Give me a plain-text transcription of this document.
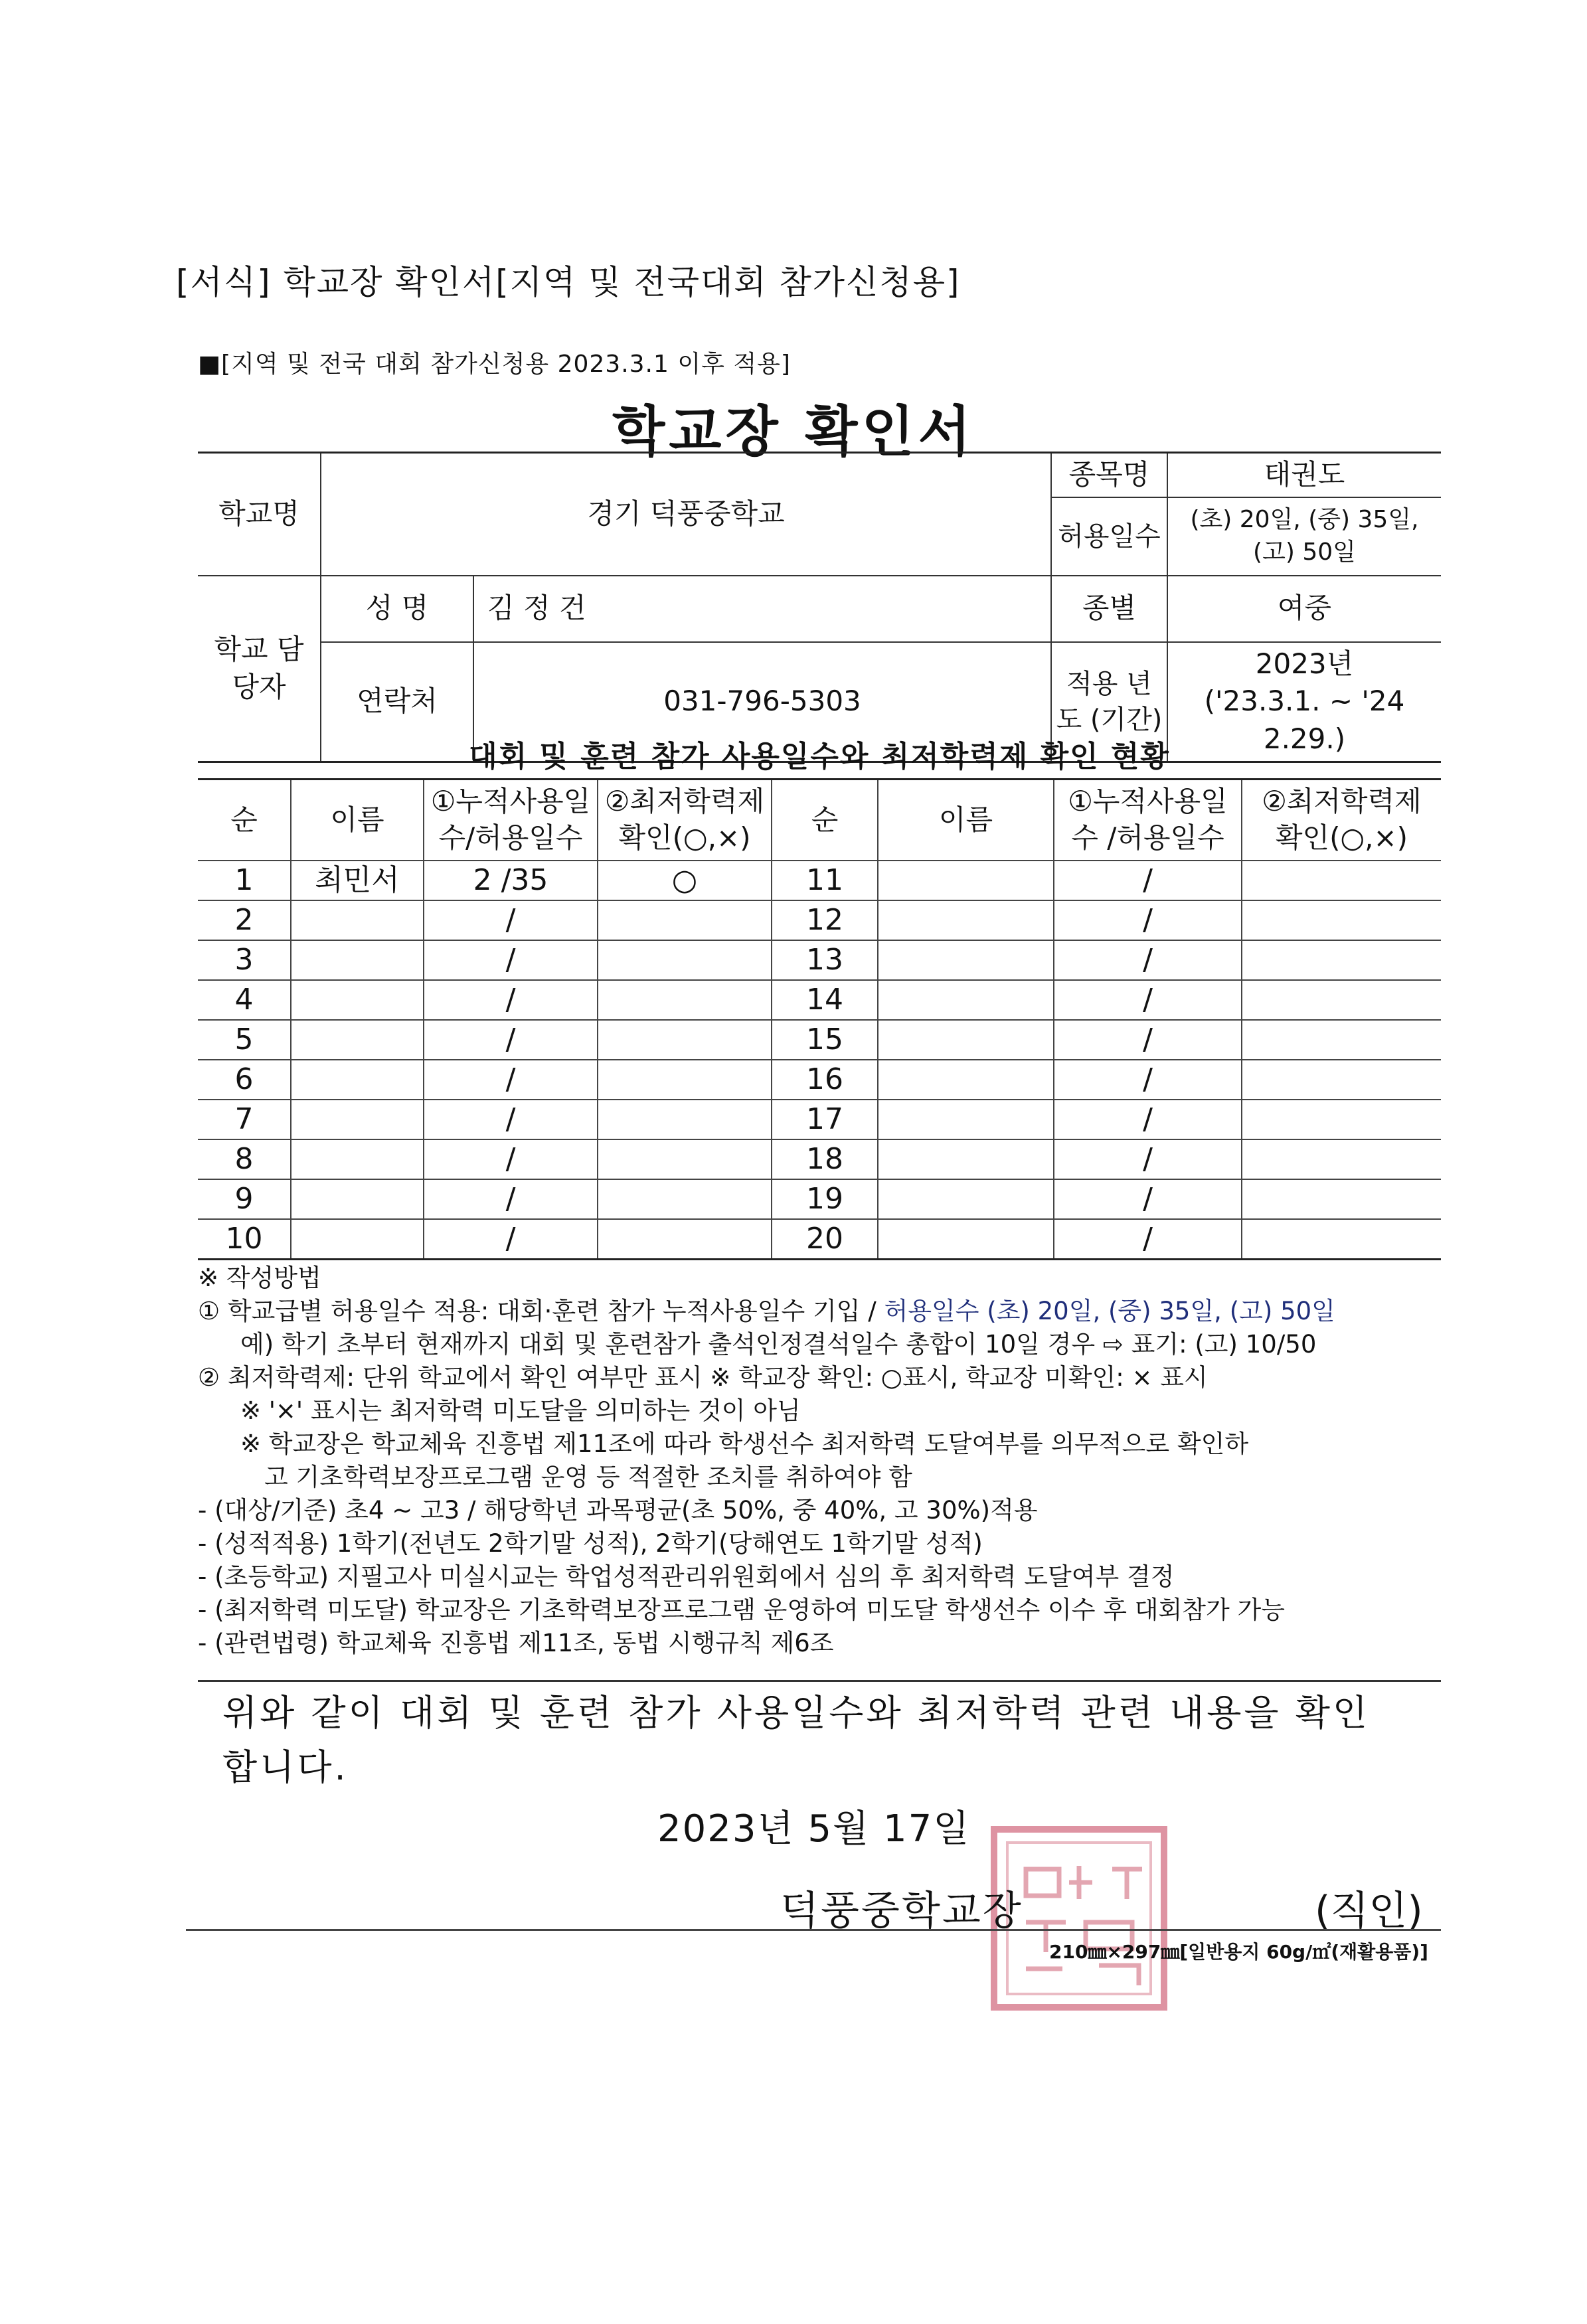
[서식] 학교장 확인서[지역 및 전국대회 참가신청용]
■[지역 및 전국 대회 참가신청용 2023.3.1 이후 적용]
학교장 확인서
학교명	경기 덕풍중학교		종목명	태권도
			허용일수	(초) 20일, (중) 35일, (고) 50일
학교 담당자	성 명	김 정 건	종별	여중
	연락처	031-796-5303	적용 년도 (기간)	2023년
('23.3.1. ~ '24 2.29.)
대회 및 훈련 참가 사용일수와 최저학력제 확인 현황
순	이름	①누적사용일수/허용일수	②최저학력제 확인(○,×)	순	이름	①누적사용일수 /허용일수	②최저학력제 확인(○,×)
1	최민서	2 /35	○	11		/	
2		/		12		/	
3		/		13		/	
4		/		14		/	
5		/		15		/	
6		/		16		/	
7		/		17		/	
8		/		18		/	
9		/		19		/	
10		/		20		/	
※ 작성방법
① 학교급별 허용일수 적용: 대회·훈련 참가 누적사용일수 기입 / 허용일수 (초) 20일, (중) 35일, (고) 50일
예) 학기 초부터 현재까지 대회 및 훈련참가 출석인정결석일수 총합이 10일 경우 ⇨ 표기: (고) 10/50
② 최저학력제: 단위 학교에서 확인 여부만 표시 ※ 학교장 확인: ○표시, 학교장 미확인: × 표시
※ '×' 표시는 최저학력 미도달을 의미하는 것이 아님
※ 학교장은 학교체육 진흥법 제11조에 따라 학생선수 최저학력 도달여부를 의무적으로 확인하
고 기초학력보장프로그램 운영 등 적절한 조치를 취하여야 함
- (대상/기준) 초4 ~ 고3 / 해당학년 과목평균(초 50%, 중 40%, 고 30%)적용
- (성적적용) 1학기(전년도 2학기말 성적), 2학기(당해연도 1학기말 성적)
- (초등학교) 지필고사 미실시교는 학업성적관리위원회에서 심의 후 최저학력 도달여부 결정
- (최저학력 미도달) 학교장은 기초학력보장프로그램 운영하여 미도달 학생선수 이수 후 대회참가 가능
- (관련법령) 학교체육 진흥법 제11조, 동법 시행규칙 제6조
위와 같이 대회 및 훈련 참가 사용일수와 최저학력 관련 내용을 확인
합니다.
2023년 5월 17일
덕풍중학교장	(직인)
210㎜×297㎜[일반용지 60g/㎡(재활용품)]
